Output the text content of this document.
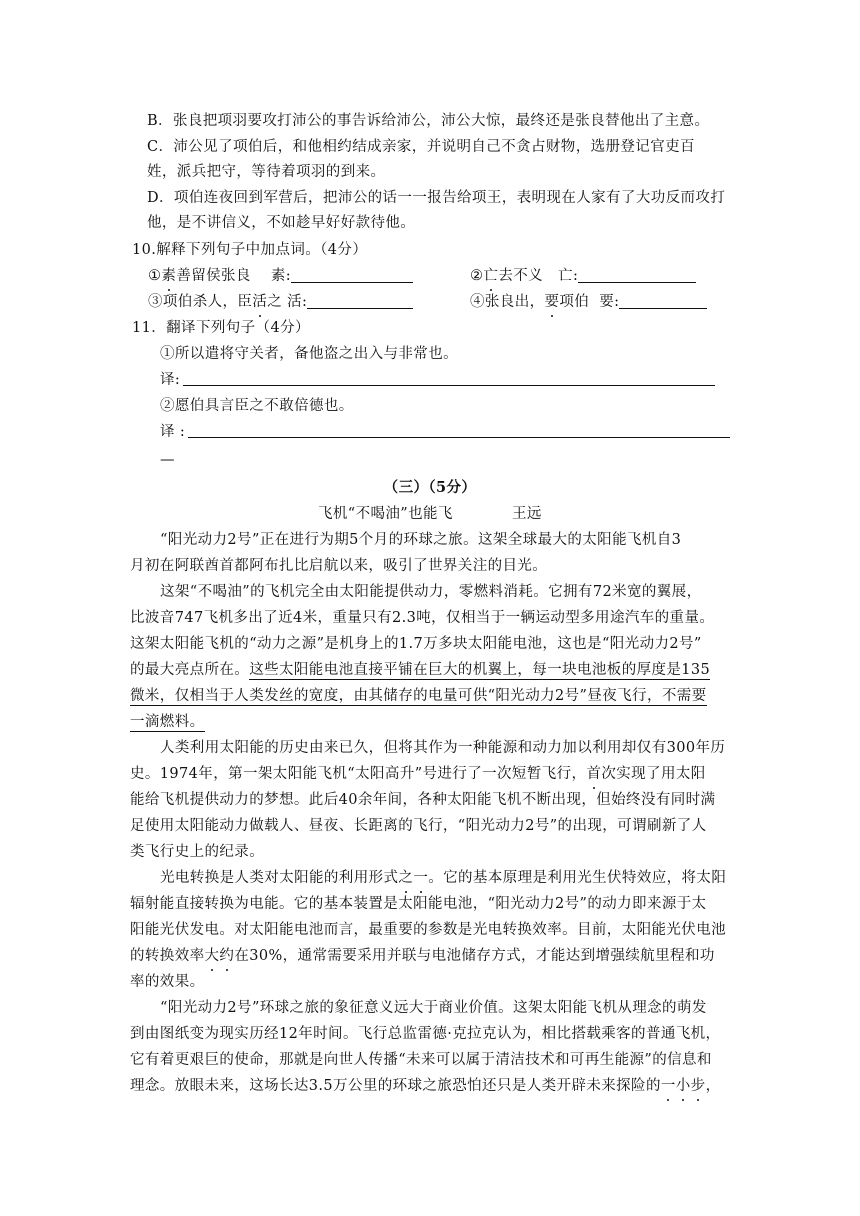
B．张良把项羽要攻打沛公的事告诉给沛公，沛公大惊，最终还是张良替他出了主意。
C．沛公见了项伯后，和他相约结成亲家，并说明自己不贪占财物，选册登记官吏百
姓，派兵把守，等待着项羽的到来。
D．项伯连夜回到军营后，把沛公的话一一报告给项王，表明现在人家有了大功反而攻打
他，是不讲信义，不如趁早好好款待他。
10.解释下列句子中加点词。（4分）
①素善留侯张良 素:	②亡去不义 亡:
③项伯杀人，臣活之 活:	④张良出，要项伯 要:
11．翻译下列句子（4分）
①所以遣将守关者，备他盗之出入与非常也。
译:
②愿伯具言臣之不敢倍德也。
译 :
—
（三）（5分）
飞机“不喝油”也能飞	王远
“阳光动力2号”正在进行为期5个月的环球之旅。这架全球最大的太阳能飞机自3
月初在阿联酋首都阿布扎比启航以来，吸引了世界关注的目光。
这架“不喝油”的飞机完全由太阳能提供动力，零燃料消耗。它拥有72米宽的翼展，
比波音747飞机多出了近4米，重量只有2.3吨，仅相当于一辆运动型多用途汽车的重量。
这架太阳能飞机的“动力之源”是机身上的1.7万多块太阳能电池，这也是“阳光动力2号”
的最大亮点所在。这些太阳能电池直接平铺在巨大的机翼上，每一块电池板的厚度是135
微米，仅相当于人类发丝的宽度，由其储存的电量可供“阳光动力2号”昼夜飞行，不需要
一滴燃料。
人类利用太阳能的历史由来已久，但将其作为一种能源和动力加以利用却仅有300年历
史。1974年，第一架太阳能飞机“太阳高升”号进行了一次短暂飞行，首次实现了用太阳
能给飞机提供动力的梦想。此后40余年间，各种太阳能飞机不断出现，但始终没有同时满
足使用太阳能动力做载人、昼夜、长距离的飞行，“阳光动力2号”的出现，可谓刷新了人
类飞行史上的纪录。
光电转换是人类对太阳能的利用形式之一。它的基本原理是利用光生伏特效应，将太阳
辐射能直接转换为电能。它的基本装置是太阳能电池，“阳光动力2号”的动力即来源于太
阳能光伏发电。对太阳能电池而言，最重要的参数是光电转换效率。目前，太阳能光伏电池
的转换效率大约在30%，通常需要采用并联与电池储存方式，才能达到增强续航里程和功
率的效果。
“阳光动力2号”环球之旅的象征意义远大于商业价值。这架太阳能飞机从理念的萌发
到由图纸变为现实历经12年时间。飞行总监雷德·克拉克认为，相比搭载乘客的普通飞机，
它有着更艰巨的使命，那就是向世人传播“未来可以属于清洁技术和可再生能源”的信息和
理念。放眼未来，这场长达3.5万公里的环球之旅恐怕还只是人类开辟未来探险的一小步，
